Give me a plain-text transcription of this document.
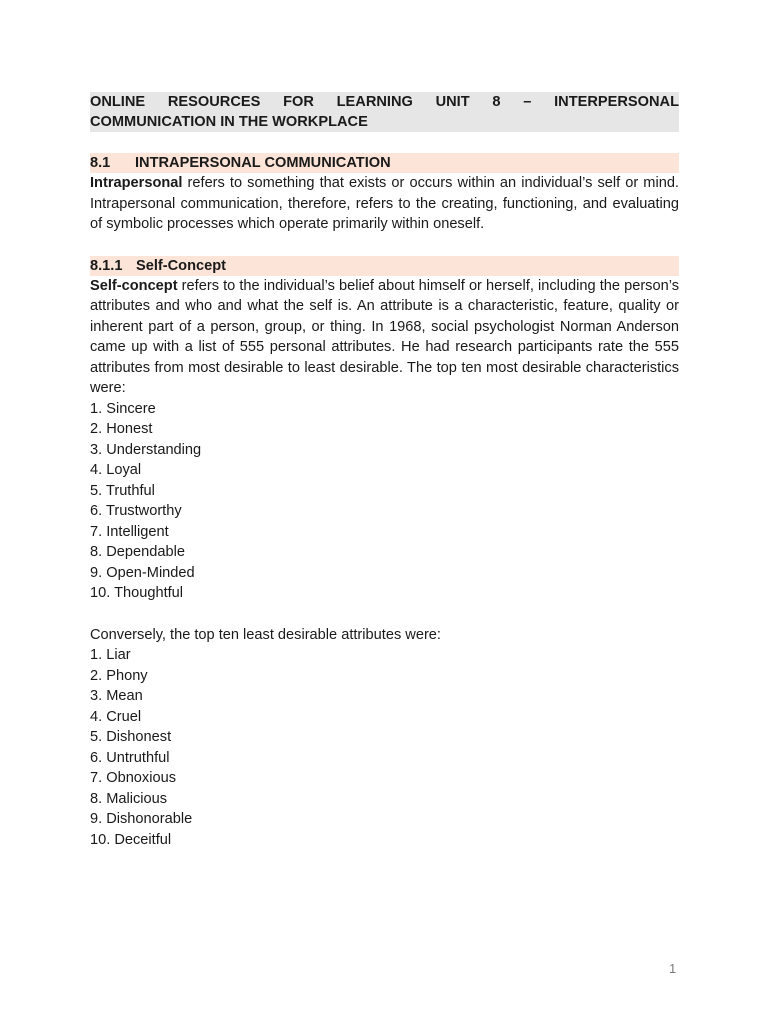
ONLINE RESOURCES FOR LEARNING UNIT 8 – INTERPERSONAL
COMMUNICATION IN THE WORKPLACE
8.1 INTRAPERSONAL COMMUNICATION

Intrapersonal refers to something that exists or occurs within an individual’s self or mind. Intrapersonal communication, therefore, refers to the creating, functioning, and evaluating of symbolic processes which operate primarily within oneself.

8.1.1 Self-Concept

Self-concept refers to the individual’s belief about himself or herself, including the person’s attributes and who and what the self is. An attribute is a characteristic, feature, quality or inherent part of a person, group, or thing. In 1968, social psychologist Norman Anderson came up with a list of 555 personal attributes. He had research participants rate the 555 attributes from most desirable to least desirable. The top ten most desirable characteristics were:

1. Sincere
2. Honest
3. Understanding
4. Loyal
5. Truthful
6. Trustworthy
7. Intelligent
8. Dependable
9. Open-Minded
10. Thoughtful

Conversely, the top ten least desirable attributes were:

1. Liar
2. Phony
3. Mean
4. Cruel
5. Dishonest
6. Untruthful
7. Obnoxious
8. Malicious
9. Dishonorable
10. Deceitful
1
